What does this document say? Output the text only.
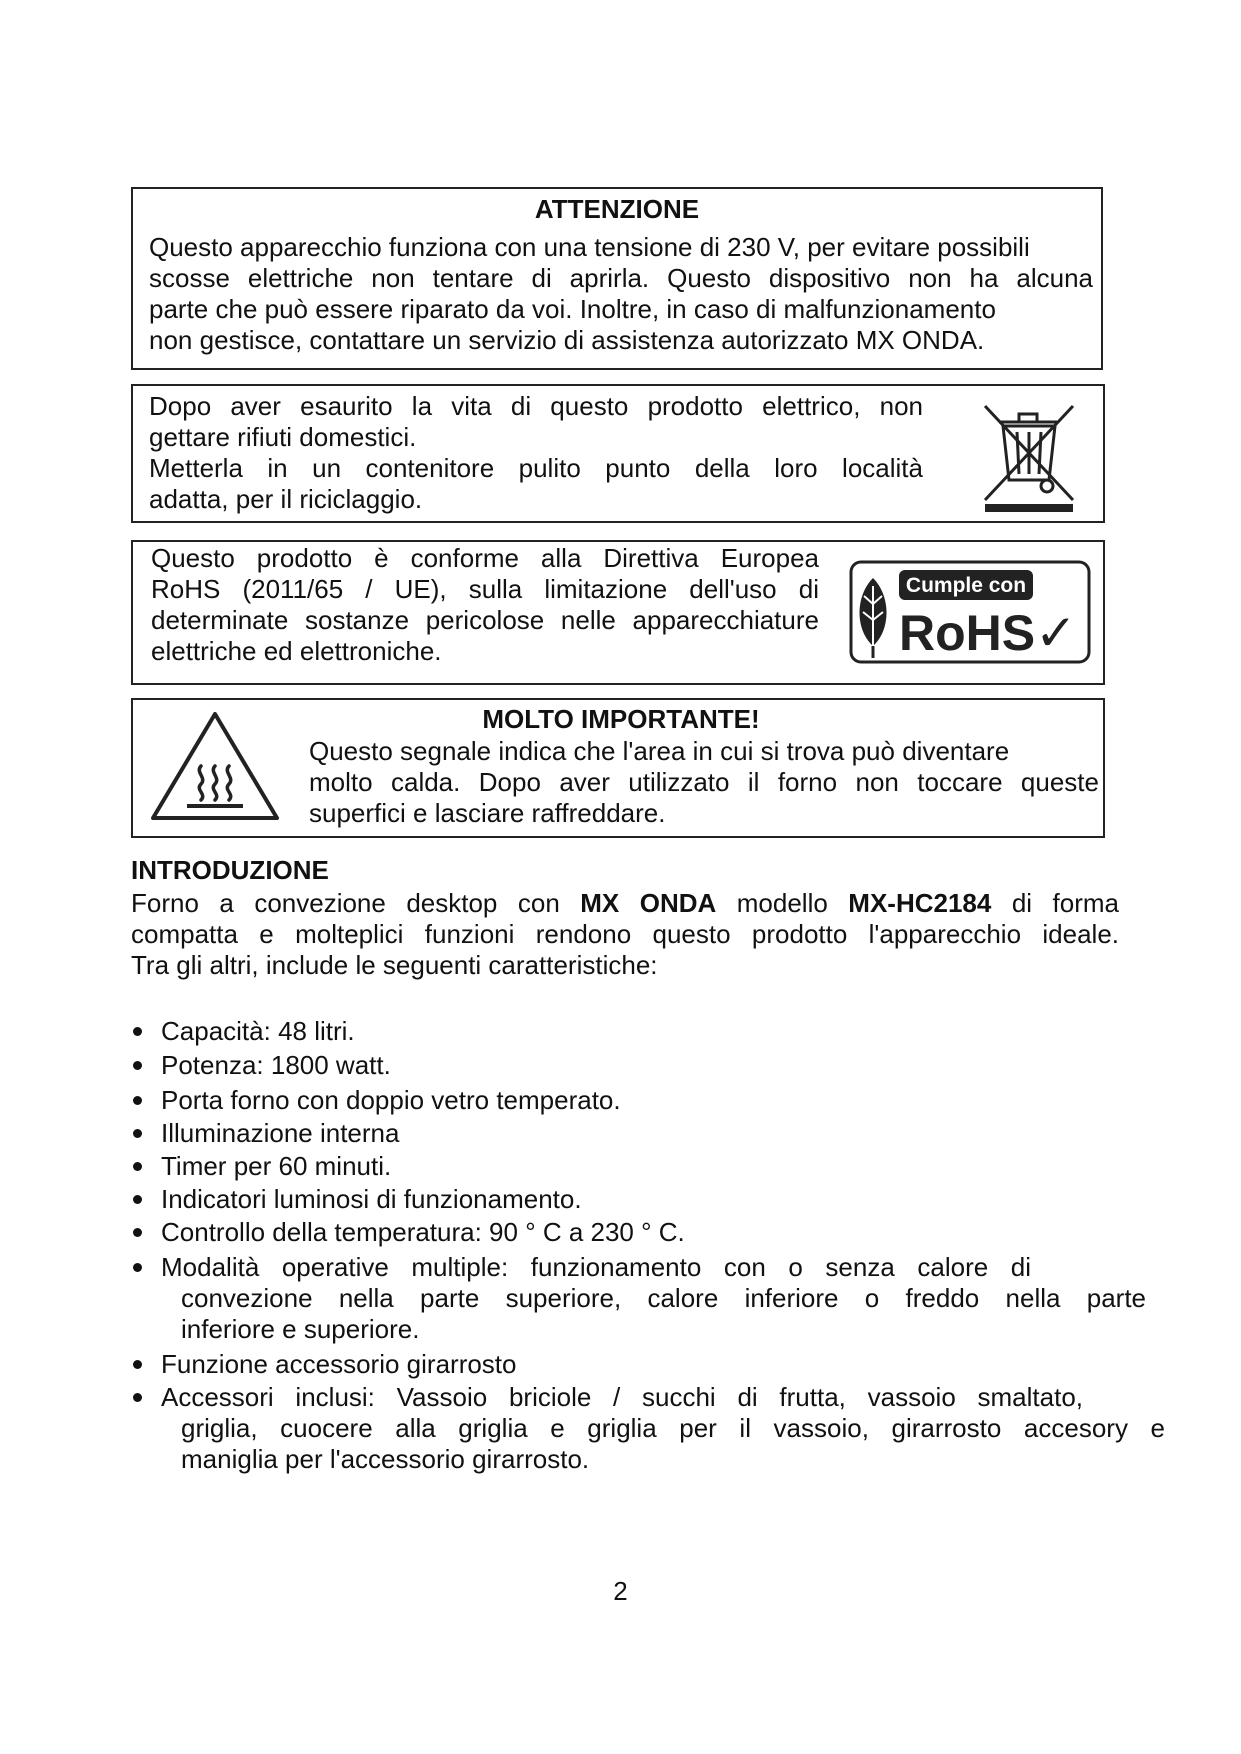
ATTENZIONE

Questo apparecchio funziona con una tensione di 230 V, per evitare possibili

scosse elettriche non tentare di aprirla. Questo dispositivo non ha alcuna

parte che può essere riparato da voi. Inoltre, in caso di malfunzionamento

non gestisce, contattare un servizio di assistenza autorizzato MX ONDA.

Dopo aver esaurito la vita di questo prodotto elettrico, non

gettare rifiuti domestici.

Metterla in un contenitore pulito punto della loro località

adatta, per il riciclaggio.

Questo prodotto è conforme alla Direttiva Europea

RoHS (2011/65 / UE), sulla limitazione dell'uso di

determinate sostanze pericolose nelle apparecchiature

elettriche ed elettroniche.

Cumple con
RoHS ✓

MOLTO IMPORTANTE!

Questo segnale indica che l'area in cui si trova può diventare

molto calda. Dopo aver utilizzato il forno non toccare queste

superfici e lasciare raffreddare.

INTRODUZIONE

Forno a convezione desktop con MX ONDA modello MX-HC2184 di forma

compatta e molteplici funzioni rendono questo prodotto l'apparecchio ideale.

Tra gli altri, include le seguenti caratteristiche:

Capacità: 48 litri.
Potenza: 1800 watt.
Porta forno con doppio vetro temperato.
Illuminazione interna
Timer per 60 minuti.
Indicatori luminosi di funzionamento.
Controllo della temperatura: 90 ° C a 230 ° C.
Modalità operative multiple: funzionamento con o senza calore di
convezione nella parte superiore, calore inferiore o freddo nella parte
inferiore e superiore.
Funzione accessorio girarrosto
Accessori inclusi: Vassoio briciole / succhi di frutta, vassoio smaltato,
griglia, cuocere alla griglia e griglia per il vassoio, girarrosto accesory e
maniglia per l'accessorio girarrosto.
2
